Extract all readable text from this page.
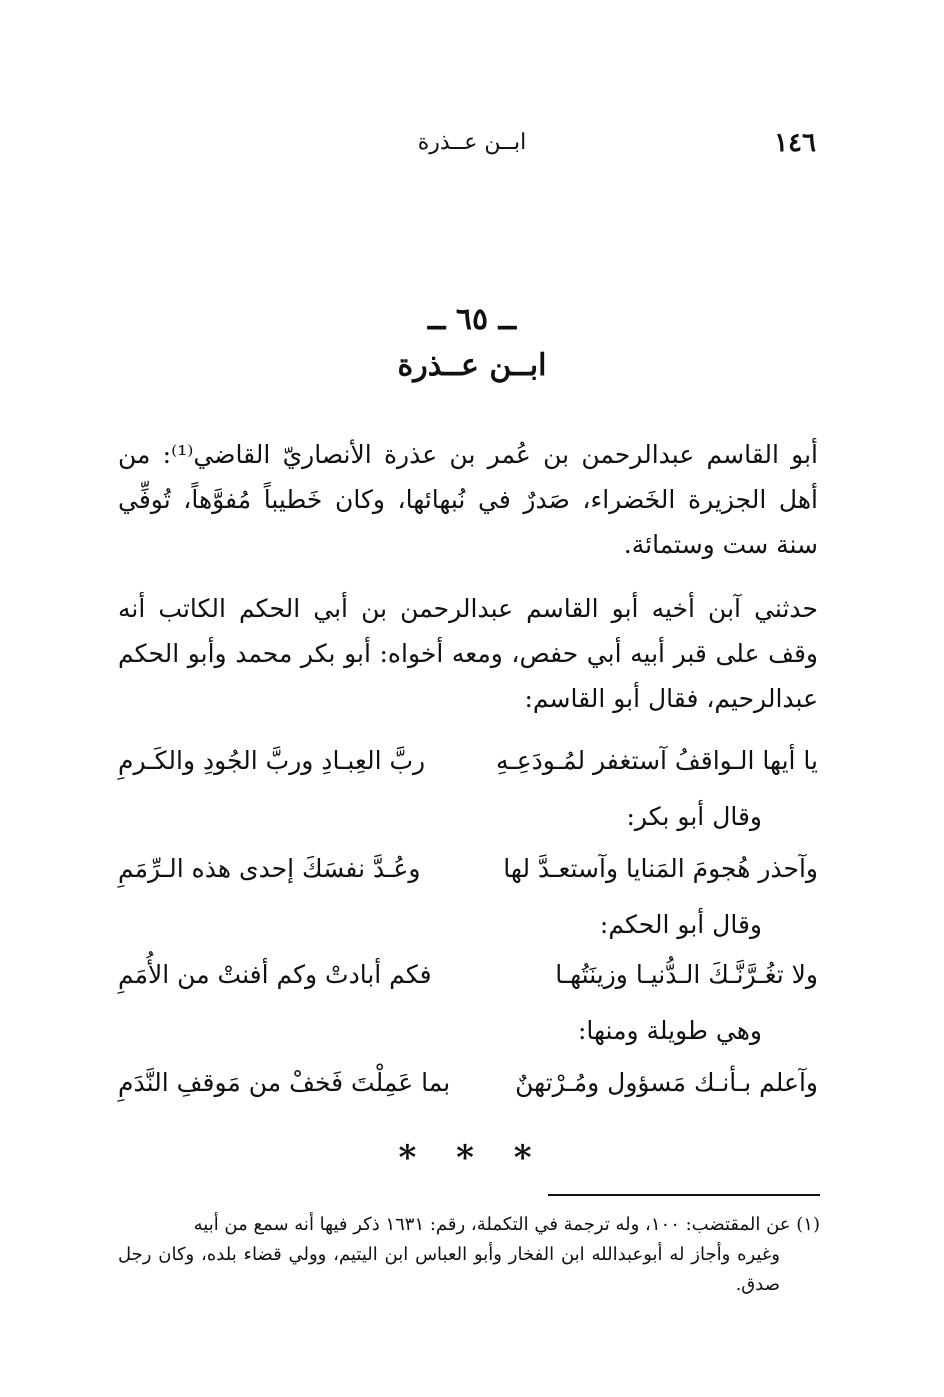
١٤٦
ابــن عــذرة
ــ ٦٥ ــ
ابــن عــذرة

أبو القاسم عبدالرحمن بن عُمر بن عذرة الأنصاريّ القاضي⁽¹⁾: من أهل الجزيرة الخَضراء، صَدرٌ في نُبهائها، وكان خَطيباً مُفوَّهاً، تُوفِّي سنة ست وستمائة.

حدثني آبن أخيه أبو القاسم عبدالرحمن بن أبي الحكم الكاتب أنه وقف على قبر أبيه أبي حفص، ومعه أخواه: أبو بكر محمد وأبو الحكم عبدالرحيم، فقال أبو القاسم:

يا أيها الـواقفُ آستغفر لمُـودَعِـهِ
ربَّ العِبـادِ وربَّ الجُودِ والكَـرمِ
وقال أبو بكر:
وآحذر هُجومَ المَنايا وآستعـدَّ لها
وعُـدَّ نفسَكَ إحدى هذه الـرِّمَمِ
وقال أبو الحكم:
ولا تغُـرَّنَّـكَ الـدُّنيـا وزينَتُهـا
فكم أبادتْ وكم أفنتْ من الأُمَمِ
وهي طويلة ومنها:
وآعلم بـأنـك مَسؤول ومُـرْتهنٌ
بما عَمِلْتَ فَخفْ من مَوقفِ النَّدَمِ
* * *
(١) عن المقتضب: ١٠٠، وله ترجمة في التكملة، رقم: ١٦٣١ ذكر فيها أنه سمع من أبيه
وغيره وأجاز له أبوعبدالله ابن الفخار وأبو العباس ابن اليتيم، وولي قضاء بلده، وكان رجل صدق.
